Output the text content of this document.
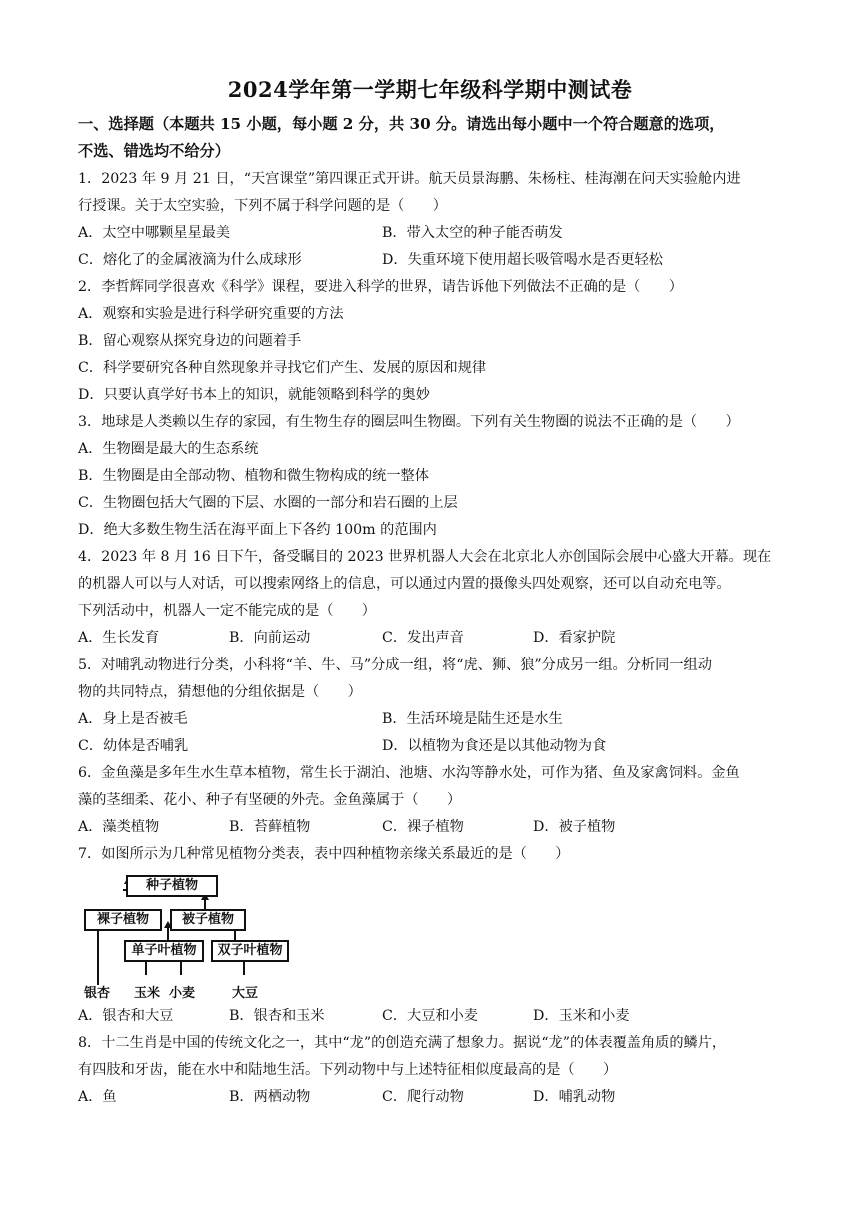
2024学年第一学期七年级科学期中测试卷
一、选择题（本题共 15 小题，每小题 2 分，共 30 分。请选出每小题中一个符合题意的选项，
不选、错选均不给分）
1．2023 年 9 月 21 日，“天宫课堂”第四课正式开讲。航天员景海鹏、朱杨柱、桂海潮在问天实验舱内进
行授课。关于太空实验，下列不属于科学问题的是（　　）
A．太空中哪颗星星最美	B．带入太空的种子能否萌发
C．熔化了的金属液滴为什么成球形	D．失重环境下使用超长吸管喝水是否更轻松
2．李哲辉同学很喜欢《科学》课程，要进入科学的世界，请告诉他下列做法不正确的是（　　）
A．观察和实验是进行科学研究重要的方法
B．留心观察从探究身边的问题着手
C．科学要研究各种自然现象并寻找它们产生、发展的原因和规律
D．只要认真学好书本上的知识，就能领略到科学的奥妙
3．地球是人类赖以生存的家园，有生物生存的圈层叫生物圈。下列有关生物圈的说法不正确的是（　　）
A．生物圈是最大的生态系统
B．生物圈是由全部动物、植物和微生物构成的统一整体
C．生物圈包括大气圈的下层、水圈的一部分和岩石圈的上层
D．绝大多数生物生活在海平面上下各约 100m 的范围内
4．2023 年 8 月 16 日下午，备受瞩目的 2023 世界机器人大会在北京北人亦创国际会展中心盛大开幕。现在
的机器人可以与人对话，可以搜索网络上的信息，可以通过内置的摄像头四处观察，还可以自动充电等。
下列活动中，机器人一定不能完成的是（　　）
A．生长发育	B．向前运动	C．发出声音	D．看家护院
5．对哺乳动物进行分类，小科将“羊、牛、马”分成一组，将“虎、狮、狼”分成另一组。分析同一组动
物的共同特点，猜想他的分组依据是（　　）
A．身上是否被毛	B．生活环境是陆生还是水生
C．幼体是否哺乳	D．以植物为食还是以其他动物为食
6．金鱼藻是多年生水生草本植物，常生长于湖泊、池塘、水沟等静水处，可作为猪、鱼及家禽饲料。金鱼
藻的茎细柔、花小、种子有坚硬的外壳。金鱼藻属于（　　）
A．藻类植物	B．苔藓植物	C．裸子植物	D．被子植物
7．如图所示为几种常见植物分类表，表中四种植物亲缘关系最近的是（　　）
种子植物
裸子植物	被子植物
单子叶植物	双子叶植物
银杏 玉米 小麦	大豆
A．银杏和大豆	B．银杏和玉米	C．大豆和小麦	D．玉米和小麦
8．十二生肖是中国的传统文化之一，其中“龙”的创造充满了想象力。据说“龙”的体表覆盖角质的鳞片，
有四肢和牙齿，能在水中和陆地生活。下列动物中与上述特征相似度最高的是（　　）
A．鱼	B．两栖动物	C．爬行动物	D．哺乳动物
